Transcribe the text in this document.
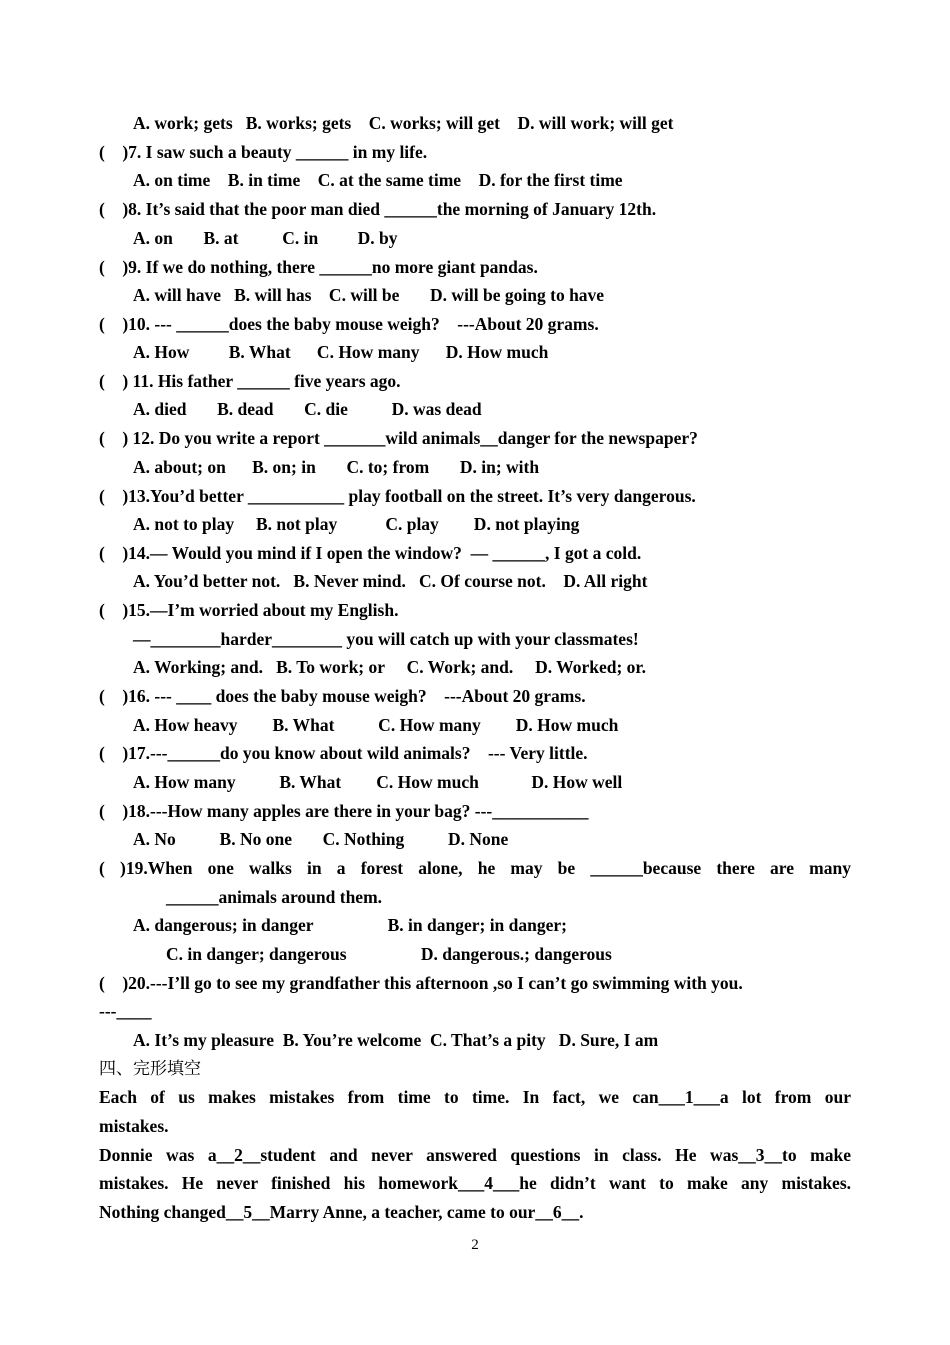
A. work; gets   B. works; gets    C. works; will get    D. will work; will get
(    )7. I saw such a beauty ______ in my life.
A. on time    B. in time    C. at the same time    D. for the first time
(    )8. It’s said that the poor man died ______the morning of January 12th.
A. on       B. at          C. in         D. by
(    )9. If we do nothing, there ______no more giant pandas.
A. will have   B. will has    C. will be       D. will be going to have
(    )10. --- ______does the baby mouse weigh?    ---About 20 grams.
A. How         B. What      C. How many      D. How much
(    ) 11. His father ______ five years ago.
A. died       B. dead       C. die          D. was dead
(    ) 12. Do you write a report _______wild animals__danger for the newspaper?
A. about; on      B. on; in       C. to; from       D. in; with
(    )13.You’d better ___________ play football on the street. It’s very dangerous.
A. not to play     B. not play           C. play        D. not playing
(    )14.— Would you mind if I open the window?  — ______, I got a cold.
A. You’d better not.   B. Never mind.   C. Of course not.    D. All right
(    )15.—I’m worried about my English.
—________harder________ you will catch up with your classmates!
A. Working; and.   B. To work; or     C. Work; and.     D. Worked; or.
(    )16. --- ____ does the baby mouse weigh?    ---About 20 grams.
A. How heavy        B. What          C. How many        D. How much
(    )17.---______do you know about wild animals?    --- Very little.
A. How many          B. What        C. How much            D. How well
(    )18.---How many apples are there in your bag? ---___________
A. No          B. No one       C. Nothing          D. None
( )19.When one walks in a forest alone, he may be ______because there are many
______animals around them.
A. dangerous; in danger                 B. in danger; in danger;
C. in danger; dangerous                 D. dangerous.; dangerous
(    )20.---I’ll go to see my grandfather this afternoon ,so I can’t go swimming with you.
---____
A. It’s my pleasure  B. You’re welcome  C. That’s a pity   D. Sure, I am
四、完形填空
Each of us makes mistakes from time to time. In fact, we can___1___a lot from our
mistakes.
Donnie was a__2__student and never answered questions in class. He was__3__to make
mistakes. He never finished his homework___4___he didn’t want to make any mistakes.
Nothing changed__5__Marry Anne, a teacher, came to our__6__.
2
